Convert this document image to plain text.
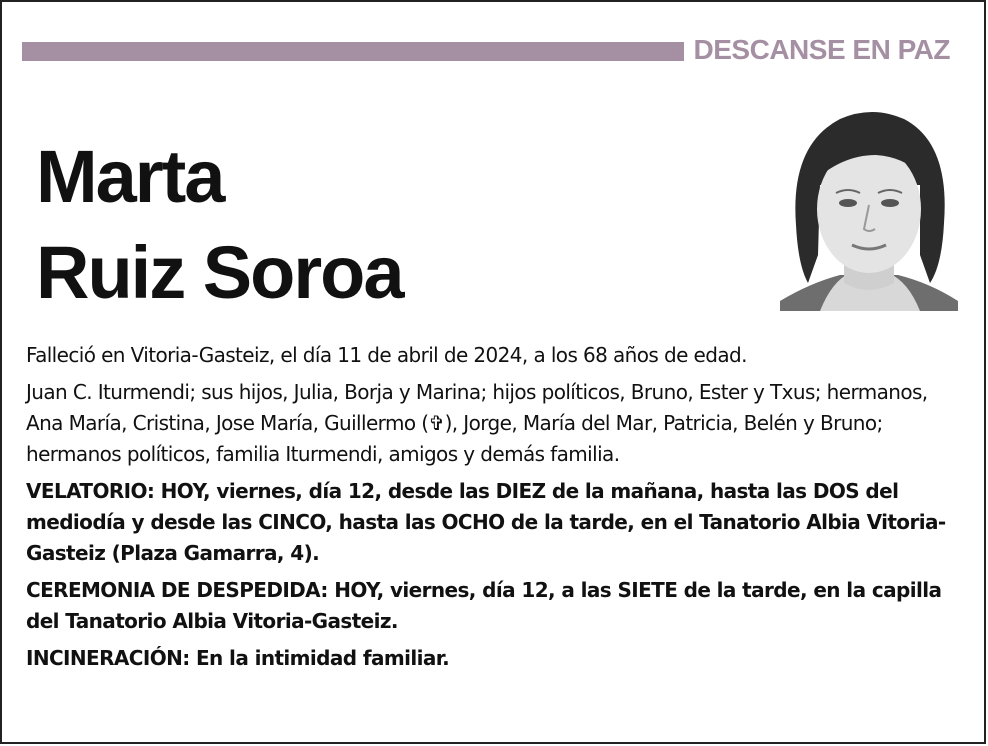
DESCANSE EN PAZ
Marta
Ruiz Soroa

Falleció en Vitoria-Gasteiz, el día 11 de abril de 2024, a los 68 años de edad.

Juan C. Iturmendi; sus hijos, Julia, Borja y Marina; hijos políticos, Bruno, Ester y Txus; hermanos, Ana María, Cristina, Jose María, Guillermo (✞), Jorge, María del Mar, Patricia, Belén y Bruno; hermanos políticos, familia Iturmendi, amigos y demás familia.

VELATORIO: HOY, viernes, día 12, desde las DIEZ de la mañana, hasta las DOS del mediodía y desde las CINCO, hasta las OCHO de la tarde, en el Tanatorio Albia Vitoria-Gasteiz (Plaza Gamarra, 4).

CEREMONIA DE DESPEDIDA: HOY, viernes, día 12, a las SIETE de la tarde, en la capilla del Tanatorio Albia Vitoria-Gasteiz.

INCINERACIÓN: En la intimidad familiar.
